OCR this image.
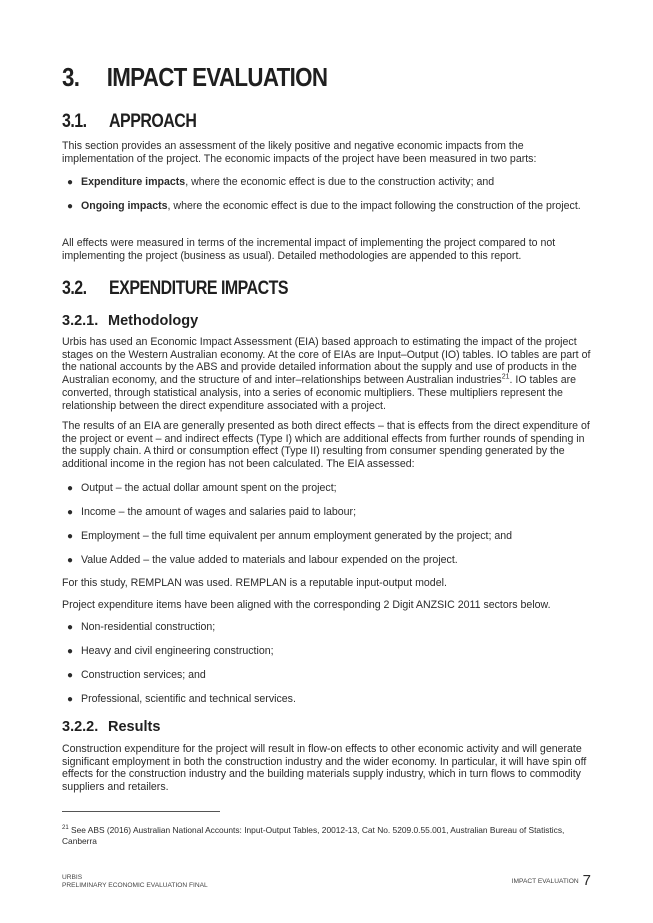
3. IMPACT EVALUATION
3.1. APPROACH

This section provides an assessment of the likely positive and negative economic impacts from the implementation of the project. The economic impacts of the project have been measured in two parts:

● Expenditure impacts, where the economic effect is due to the construction activity; and
● Ongoing impacts, where the economic effect is due to the impact following the construction of the project.

All effects were measured in terms of the incremental impact of implementing the project compared to not implementing the project (business as usual). Detailed methodologies are appended to this report.

3.2. EXPENDITURE IMPACTS
3.2.1. Methodology

Urbis has used an Economic Impact Assessment (EIA) based approach to estimating the impact of the project stages on the Western Australian economy. At the core of EIAs are Input–Output (IO) tables. IO tables are part of the national accounts by the ABS and provide detailed information about the supply and use of products in the Australian economy, and the structure of and inter–relationships between Australian industries$^{21}$. IO tables are converted, through statistical analysis, into a series of economic multipliers. These multipliers represent the relationship between the direct expenditure associated with a project.

The results of an EIA are generally presented as both direct effects – that is effects from the direct expenditure of the project or event – and indirect effects (Type I) which are additional effects from further rounds of spending in the supply chain. A third or consumption effect (Type II) resulting from consumer spending generated by the additional income in the region has not been calculated. The EIA assessed:

● Output – the actual dollar amount spent on the project;
● Income – the amount of wages and salaries paid to labour;
● Employment – the full time equivalent per annum employment generated by the project; and
● Value Added – the value added to materials and labour expended on the project.

For this study, REMPLAN was used. REMPLAN is a reputable input-output model.

Project expenditure items have been aligned with the corresponding 2 Digit ANZSIC 2011 sectors below.

● Non-residential construction;
● Heavy and civil engineering construction;
● Construction services; and
● Professional, scientific and technical services.
3.2.2. Results

Construction expenditure for the project will result in flow-on effects to other economic activity and will generate significant employment in both the construction industry and the wider economy. In particular, it will have spin off effects for the construction industry and the building materials supply industry, which in turn flows to commodity suppliers and retailers.

$^{21}$ See ABS (2016) Australian National Accounts: Input-Output Tables, 20012-13, Cat No. 5209.0.55.001, Australian Bureau of Statistics, Canberra

URBIS
PRELIMINARY ECONOMIC EVALUATION FINAL
IMPACT EVALUATION 7
